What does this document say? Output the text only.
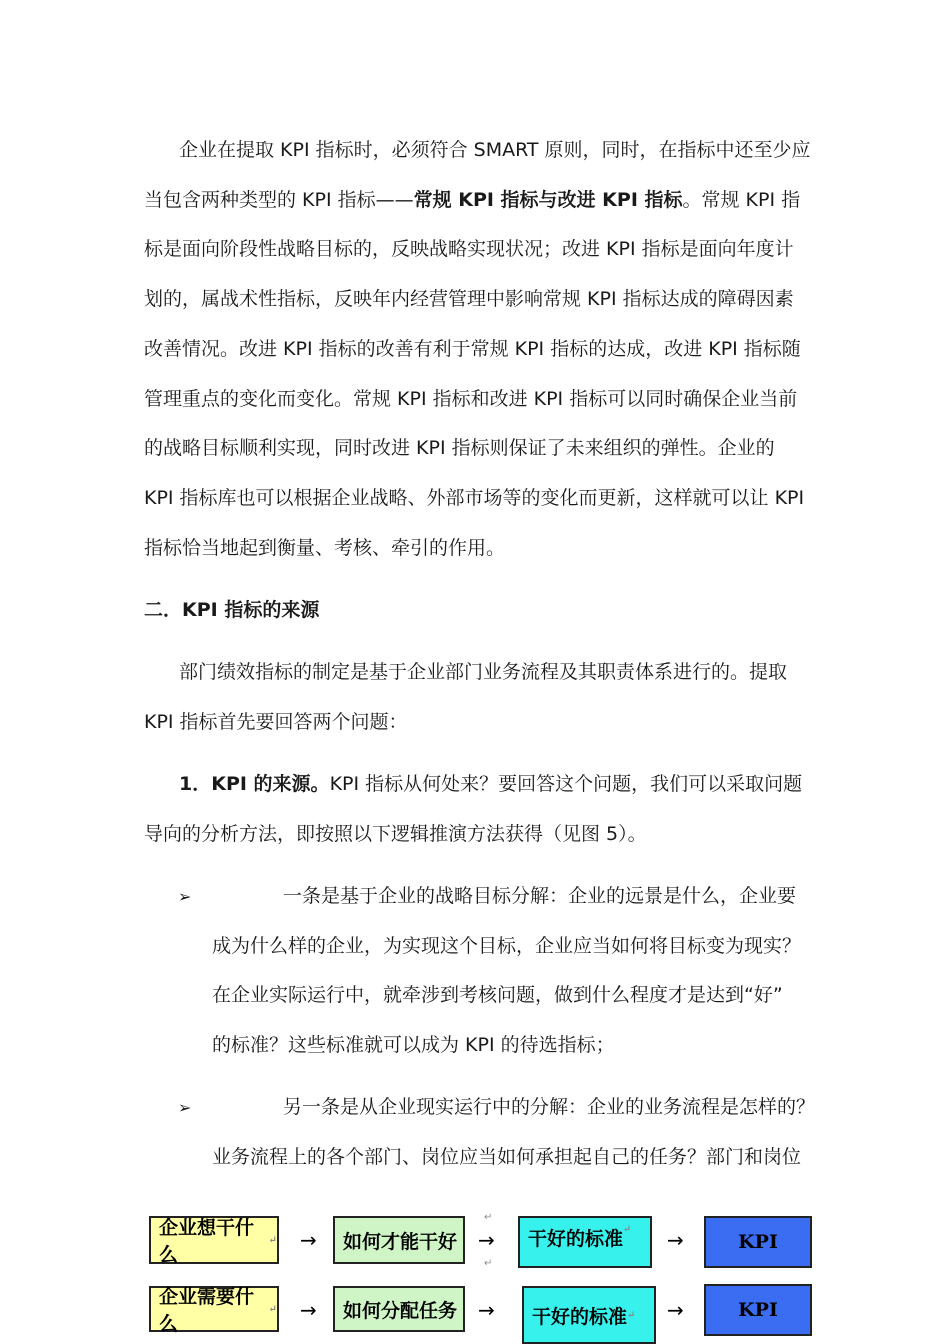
企业在提取 KPI 指标时，必须符合 SMART 原则，同时，在指标中还至少应
当包含两种类型的 KPI 指标——常规 KPI 指标与改进 KPI 指标。常规 KPI 指
标是面向阶段性战略目标的，反映战略实现状况；改进 KPI 指标是面向年度计
划的，属战术性指标，反映年内经营管理中影响常规 KPI 指标达成的障碍因素
改善情况。改进 KPI 指标的改善有利于常规 KPI 指标的达成，改进 KPI 指标随
管理重点的变化而变化。常规 KPI 指标和改进 KPI 指标可以同时确保企业当前
的战略目标顺利实现，同时改进 KPI 指标则保证了未来组织的弹性。企业的
KPI 指标库也可以根据企业战略、外部市场等的变化而更新，这样就可以让 KPI
指标恰当地起到衡量、考核、牵引的作用。
二．KPI 指标的来源
部门绩效指标的制定是基于企业部门业务流程及其职责体系进行的。提取
KPI 指标首先要回答两个问题：
1．KPI 的来源。KPI 指标从何处来？要回答这个问题，我们可以采取问题
导向的分析方法，即按照以下逻辑推演方法获得（见图 5）。
➢	一条是基于企业的战略目标分解：企业的远景是什么，企业要
成为什么样的企业，为实现这个目标，企业应当如何将目标变为现实？
在企业实际运行中，就牵涉到考核问题，做到什么程度才是达到“好”
的标准？这些标准就可以成为 KPI 的待选指标；
➢	另一条是从企业现实运行中的分解：企业的业务流程是怎样的？
业务流程上的各个部门、岗位应当如何承担起自己的任务？部门和岗位
企业想干什么
↵ → 如何才能干好 →
↵
↵
干好的标准 ↵ →	KPI
企业需要什么
↵ → 如何分配任务 → 干好的标准 ↵ →	KPI
